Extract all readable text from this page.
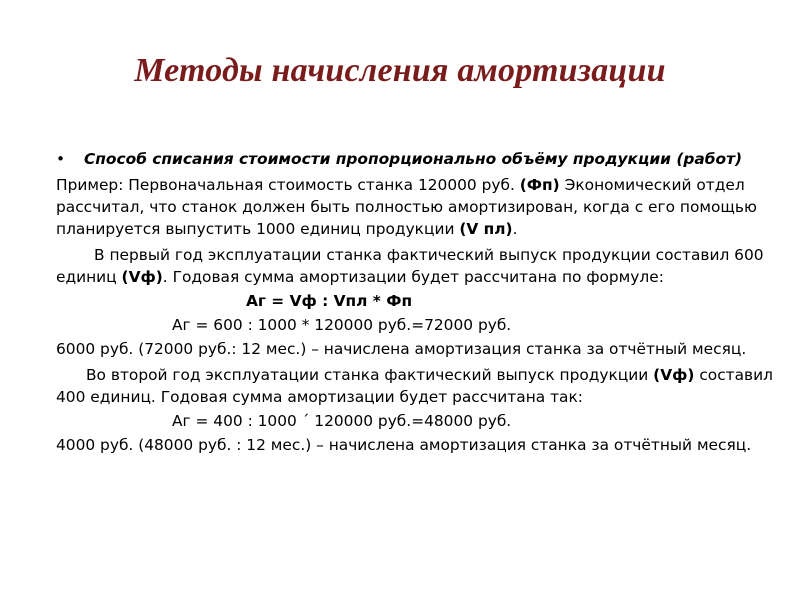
Методы начисления амортизации
• Способ списания стоимости пропорционально объёму продукции (работ)

Пример: Первоначальная стоимость станка 120000 руб. (Фп) Экономический отдел рассчитал, что станок должен быть полностью амортизирован, когда с его помощью планируется выпустить 1000 единиц продукции (V пл).

В первый год эксплуатации станка фактический выпуск продукции составил 600 единиц (Vф). Годовая сумма амортизации будет рассчитана по формуле:

Аг = Vф : Vпл * Фп

Аг = 600 : 1000 * 120000 руб.=72000 руб.

6000 руб. (72000 руб.: 12 мес.) – начислена амортизация станка за отчётный месяц.

Во второй год эксплуатации станка фактический выпуск продукции (Vф) составил 400 единиц. Годовая сумма амортизации будет рассчитана так:

Аг = 400 : 1000 ´ 120000 руб.=48000 руб.

4000 руб. (48000 руб. : 12 мес.) – начислена амортизация станка за отчётный месяц.
